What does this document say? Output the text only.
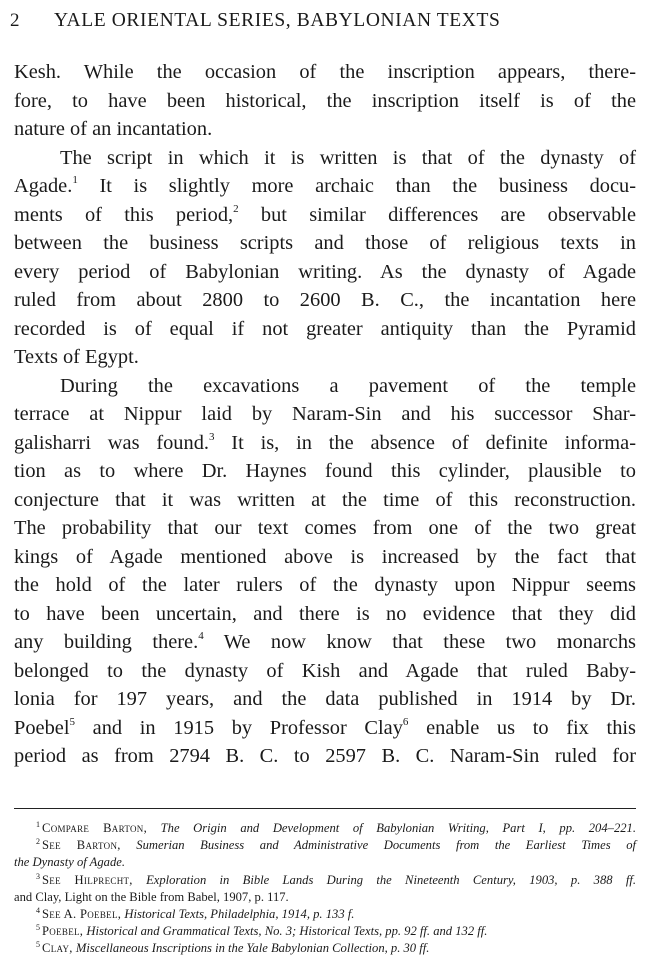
2 YALE ORIENTAL SERIES, BABYLONIAN TEXTS
Kesh. While the occasion of the inscription appears, there-
fore, to have been historical, the inscription itself is of the
nature of an incantation.
The script in which it is written is that of the dynasty of
Agade.$^1$ It is slightly more archaic than the business docu-
ments of this period,$^2$ but similar differences are observable
between the business scripts and those of religious texts in
every period of Babylonian writing. As the dynasty of Agade
ruled from about 2800 to 2600 B. C., the incantation here
recorded is of equal if not greater antiquity than the Pyramid
Texts of Egypt.
During the excavations a pavement of the temple
terrace at Nippur laid by Naram-Sin and his successor Shar-
galisharri was found.$^3$ It is, in the absence of definite informa-
tion as to where Dr. Haynes found this cylinder, plausible to
conjecture that it was written at the time of this reconstruction.
The probability that our text comes from one of the two great
kings of Agade mentioned above is increased by the fact that
the hold of the later rulers of the dynasty upon Nippur seems
to have been uncertain, and there is no evidence that they did
any building there.$^4$ We now know that these two monarchs
belonged to the dynasty of Kish and Agade that ruled Baby-
lonia for 197 years, and the data published in 1914 by Dr.
Poebel$^5$ and in 1915 by Professor Clay$^6$ enable us to fix this
period as from 2794 B. C. to 2597 B. C. Naram-Sin ruled for
$^1$ Compare Barton, The Origin and Development of Babylonian Writing, Part I, pp. 204–221.
$^2$ See Barton, Sumerian Business and Administrative Documents from the Earliest Times of
the Dynasty of Agade.
$^3$ See Hilprecht, Exploration in Bible Lands During the Nineteenth Century, 1903, p. 388 ff.
and Clay, Light on the Bible from Babel, 1907, p. 117.
$^4$ See A. Poebel, Historical Texts, Philadelphia, 1914, p. 133 f.
$^5$ Poebel, Historical and Grammatical Texts, No. 3; Historical Texts, pp. 92 ff. and 132 ff.
$^5$ Clay, Miscellaneous Inscriptions in the Yale Babylonian Collection, p. 30 ff.
